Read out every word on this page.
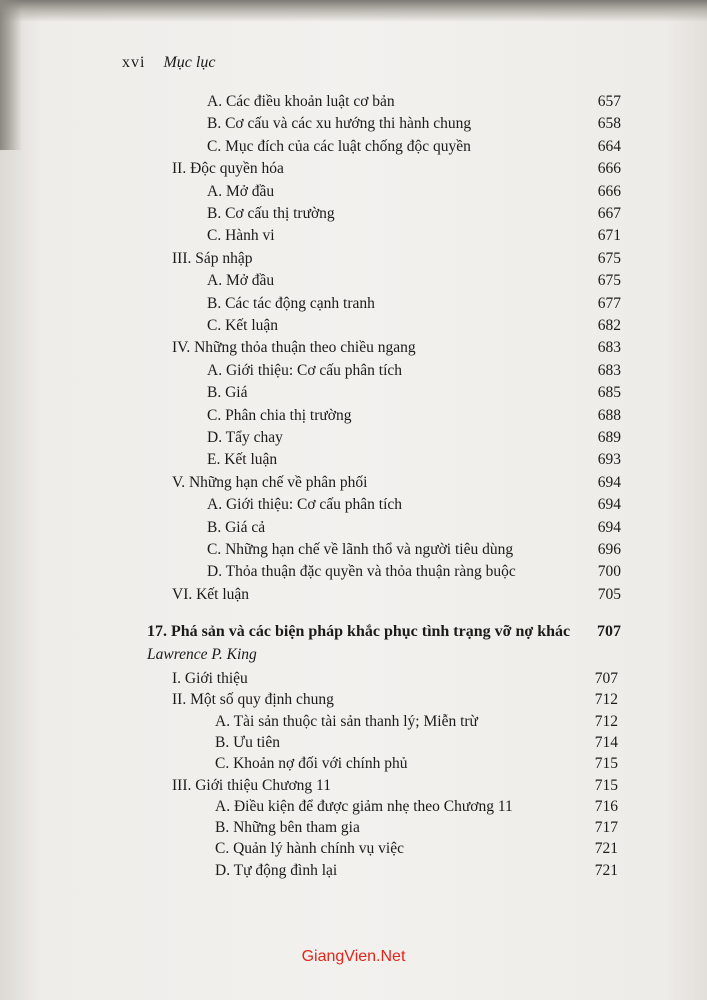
xvi Mục lục
A. Các điều khoản luật cơ bản	657
B. Cơ cấu và các xu hướng thi hành chung	658
C. Mục đích của các luật chống độc quyền	664
II. Độc quyền hóa	666
A. Mở đầu	666
B. Cơ cấu thị trường	667
C. Hành vi	671
III. Sáp nhập	675
A. Mở đầu	675
B. Các tác động cạnh tranh	677
C. Kết luận	682
IV. Những thỏa thuận theo chiều ngang	683
A. Giới thiệu: Cơ cấu phân tích	683
B. Giá	685
C. Phân chia thị trường	688
D. Tẩy chay	689
E. Kết luận	693
V. Những hạn chế về phân phối	694
A. Giới thiệu: Cơ cấu phân tích	694
B. Giá cả	694
C. Những hạn chế về lãnh thổ và người tiêu dùng	696
D. Thỏa thuận đặc quyền và thỏa thuận ràng buộc	700
VI. Kết luận	705
17. Phá sản và các biện pháp khắc phục tình trạng vỡ nợ khác 707
Lawrence P. King
I. Giới thiệu	707
II. Một số quy định chung	712
A. Tài sản thuộc tài sản thanh lý; Miễn trừ	712
B. Ưu tiên	714
C. Khoản nợ đối với chính phủ	715
III. Giới thiệu Chương 11	715
A. Điều kiện để được giảm nhẹ theo Chương 11	716
B. Những bên tham gia	717
C. Quản lý hành chính vụ việc	721
D. Tự động đình lại	721
GiangVien.Net
